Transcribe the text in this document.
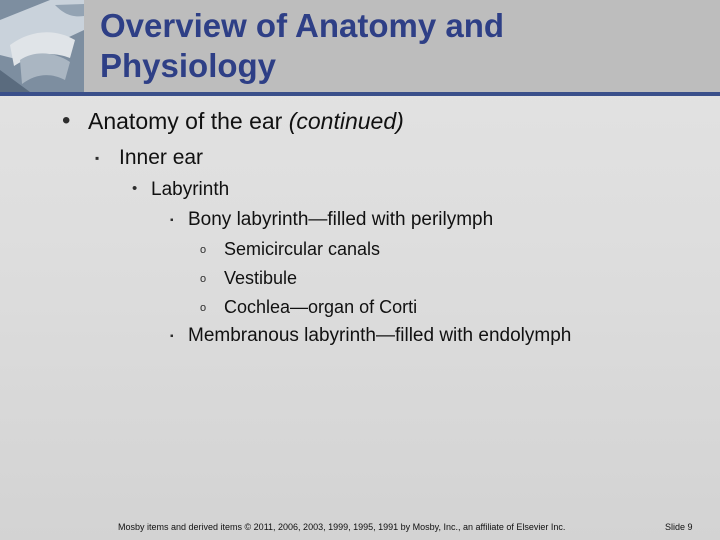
Overview of Anatomy and
Physiology
• Anatomy of the ear (continued)
▪ Inner ear
• Labyrinth
▪ Bony labyrinth—filled with perilymph
o Semicircular canals
o Vestibule
o Cochlea—organ of Corti
▪ Membranous labyrinth—filled with endolymph
Mosby items and derived items © 2011, 2006, 2003, 1999, 1995, 1991 by Mosby, Inc., an affiliate of Elsevier Inc.	Slide 9
